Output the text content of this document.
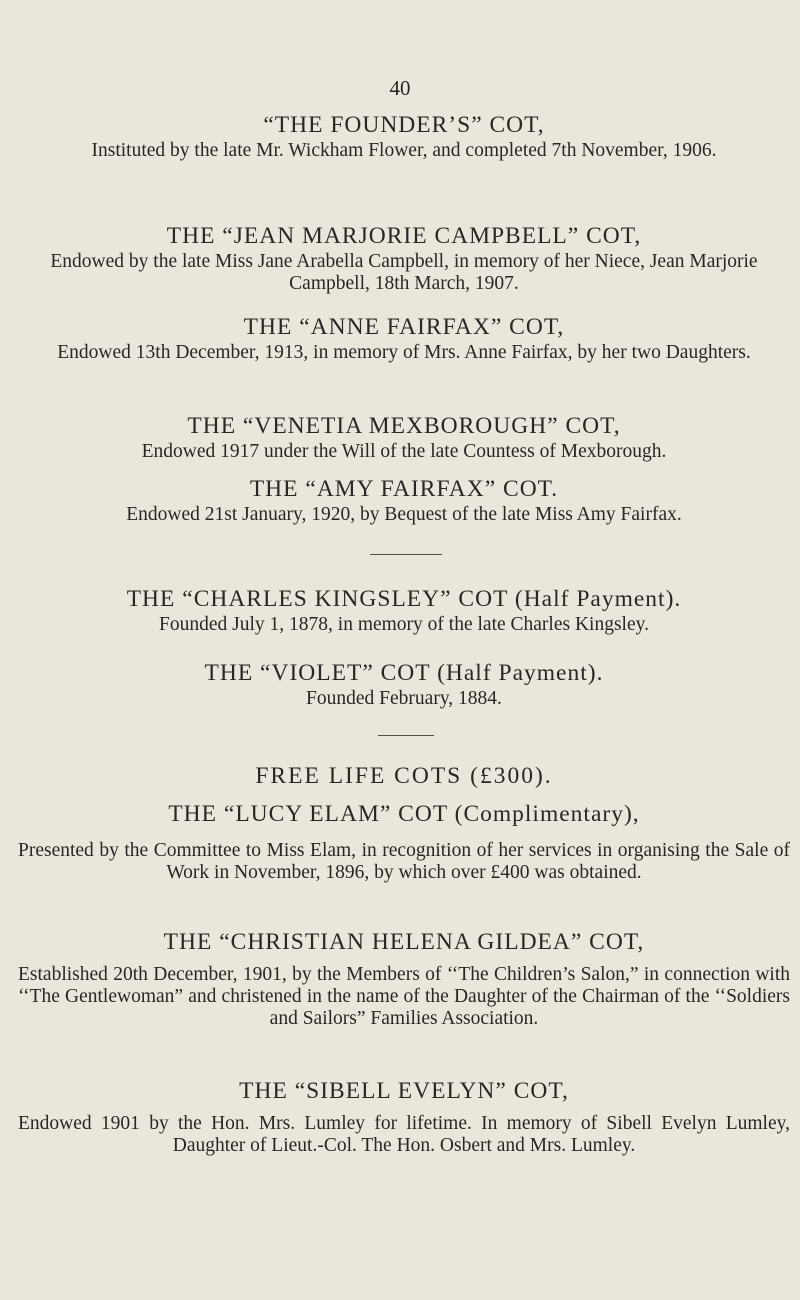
40
“THE FOUNDER’S” COT,

Instituted by the late Mr. Wickham Flower, and completed 7th November, 1906.

THE “JEAN MARJORIE CAMPBELL” COT,

Endowed by the late Miss Jane Arabella Campbell, in memory of her Niece, Jean Marjorie Campbell, 18th March, 1907.

THE “ANNE FAIRFAX” COT,

Endowed 13th December, 1913, in memory of Mrs. Anne Fairfax, by her two Daughters.

THE “VENETIA MEXBOROUGH” COT,

Endowed 1917 under the Will of the late Countess of Mexborough.

THE “AMY FAIRFAX” COT.

Endowed 21st January, 1920, by Bequest of the late Miss Amy Fairfax.

THE “CHARLES KINGSLEY” COT (Half Payment).

Founded July 1, 1878, in memory of the late Charles Kingsley.

THE “VIOLET” COT (Half Payment).

Founded February, 1884.

FREE LIFE COTS (£300).
THE “LUCY ELAM” COT (Complimentary),

Presented by the Committee to Miss Elam, in recognition of her services in organising the Sale of Work in November, 1896, by which over £400 was obtained.

THE “CHRISTIAN HELENA GILDEA” COT,

Established 20th December, 1901, by the Members of ‘‘The Children’s Salon,” in connection with ‘‘The Gentlewoman” and christened in the name of the Daughter of the Chairman of the ‘‘Soldiers and Sailors” Families Association.

THE “SIBELL EVELYN” COT,

Endowed 1901 by the Hon. Mrs. Lumley for lifetime. In memory of Sibell Evelyn Lumley, Daughter of Lieut.-Col. The Hon. Osbert and Mrs. Lumley.
